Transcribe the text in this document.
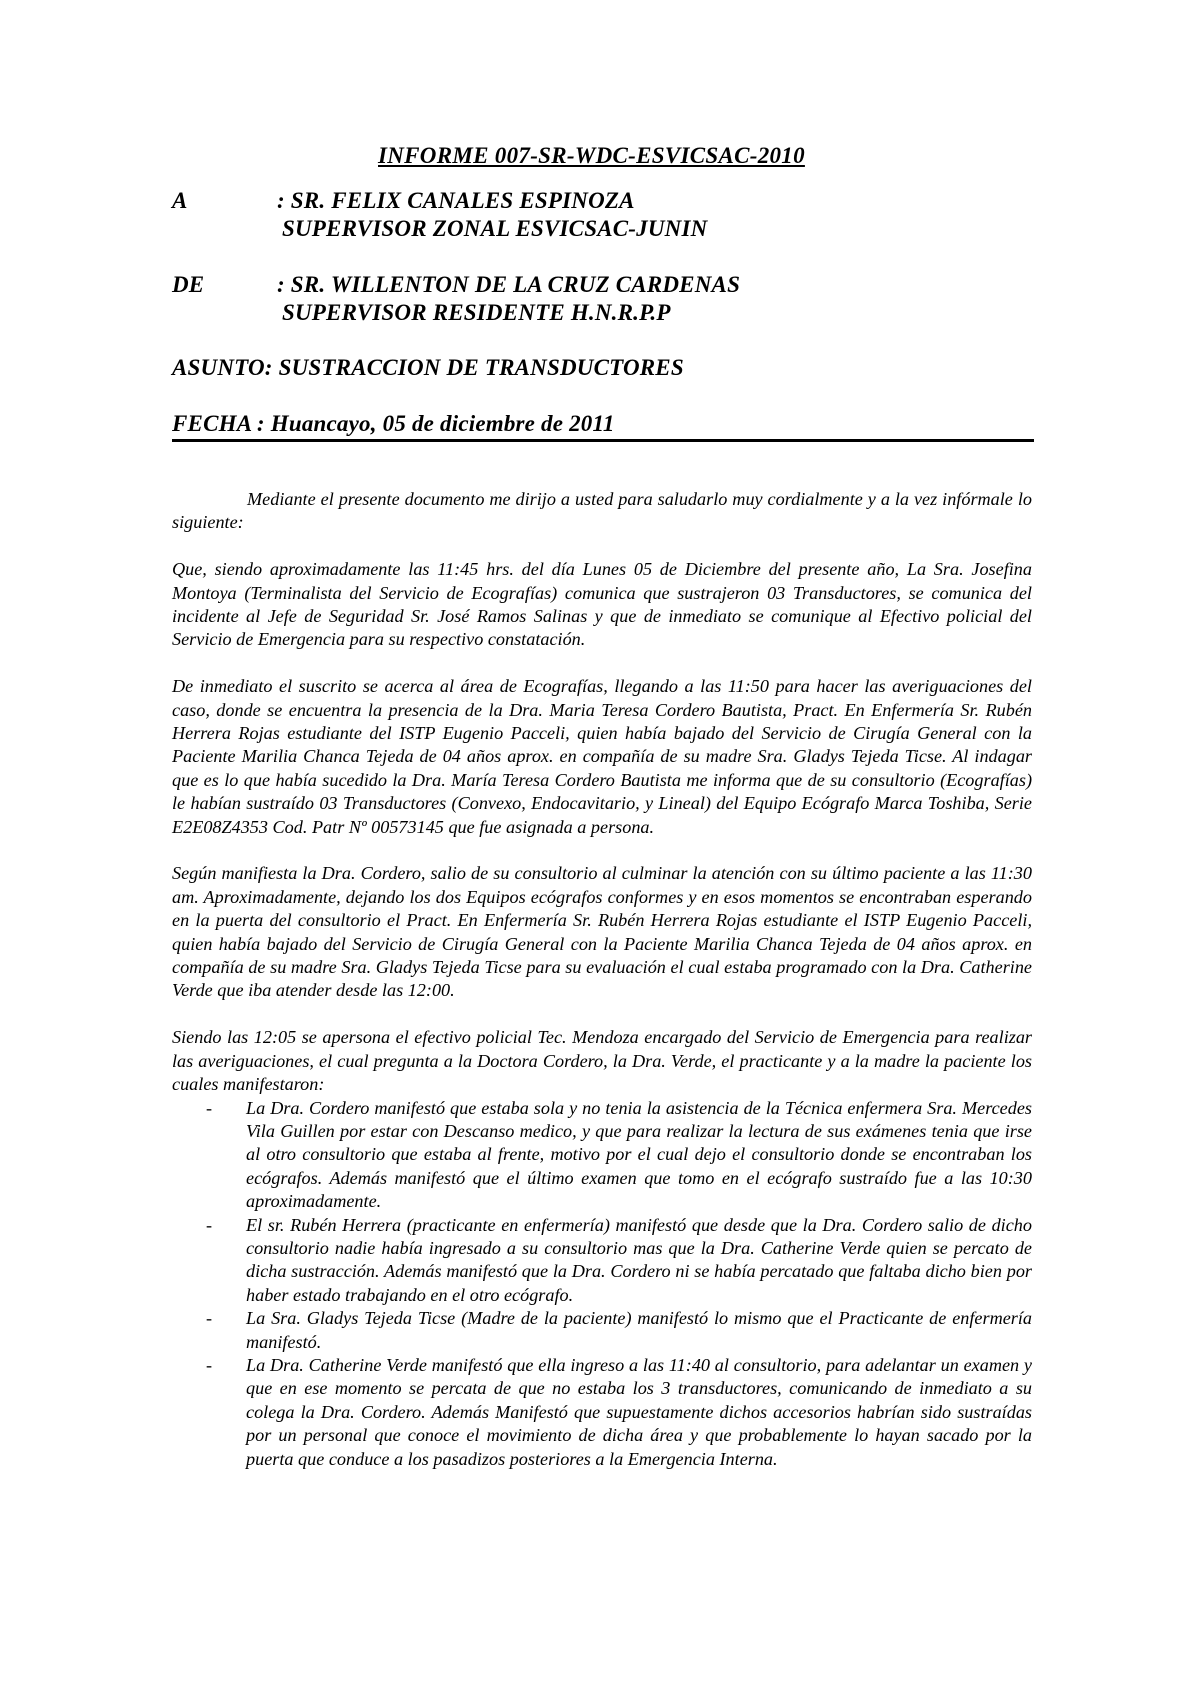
INFORME 007-SR-WDC-ESVICSAC-2010
A	: SR. FELIX CANALES ESPINOZA
SUPERVISOR ZONAL ESVICSAC-JUNIN
DE	: SR. WILLENTON DE LA CRUZ CARDENAS
SUPERVISOR RESIDENTE H.N.R.P.P
ASUNTO: SUSTRACCION DE TRANSDUCTORES
FECHA : Huancayo, 05 de diciembre de 2011

Mediante el presente documento me dirijo a usted para saludarlo muy cordialmente y a la vez infórmale lo siguiente:

Que, siendo aproximadamente las 11:45 hrs. del día Lunes 05 de Diciembre del presente año, La Sra. Josefina Montoya (Terminalista del Servicio de Ecografías) comunica que sustrajeron 03 Transductores, se comunica del incidente al Jefe de Seguridad Sr. José Ramos Salinas y que de inmediato se comunique al Efectivo policial del Servicio de Emergencia para su respectivo constatación.

De inmediato el suscrito se acerca al área de Ecografías, llegando a las 11:50 para hacer las averiguaciones del caso, donde se encuentra la presencia de la Dra. Maria Teresa Cordero Bautista, Pract. En Enfermería Sr. Rubén Herrera Rojas estudiante del ISTP Eugenio Pacceli, quien había bajado del Servicio de Cirugía General con la Paciente Marilia Chanca Tejeda de 04 años aprox. en compañía de su madre Sra. Gladys Tejeda Ticse. Al indagar que es lo que había sucedido la Dra. María Teresa Cordero Bautista me informa que de su consultorio (Ecografías) le habían sustraído 03 Transductores (Convexo, Endocavitario, y Lineal) del Equipo Ecógrafo Marca Toshiba, Serie E2E08Z4353 Cod. Patr Nº 00573145 que fue asignada a persona.

Según manifiesta la Dra. Cordero, salio de su consultorio al culminar la atención con su último paciente a las 11:30 am. Aproximadamente, dejando los dos Equipos ecógrafos conformes y en esos momentos se encontraban esperando en la puerta del consultorio el Pract. En Enfermería Sr. Rubén Herrera Rojas estudiante el ISTP Eugenio Pacceli, quien había bajado del Servicio de Cirugía General con la Paciente Marilia Chanca Tejeda de 04 años aprox. en compañía de su madre Sra. Gladys Tejeda Ticse para su evaluación el cual estaba programado con la Dra. Catherine Verde que iba atender desde las 12:00.

Siendo las 12:05 se apersona el efectivo policial Tec. Mendoza encargado del Servicio de Emergencia para realizar las averiguaciones, el cual pregunta a la Doctora Cordero, la Dra. Verde, el practicante y a la madre la paciente los cuales manifestaron:

- La Dra. Cordero manifestó que estaba sola y no tenia la asistencia de la Técnica enfermera Sra. Mercedes Vila Guillen por estar con Descanso medico, y que para realizar la lectura de sus exámenes tenia que irse al otro consultorio que estaba al frente, motivo por el cual dejo el consultorio donde se encontraban los ecógrafos. Además manifestó que el último examen que tomo en el ecógrafo sustraído fue a las 10:30 aproximadamente.
- El sr. Rubén Herrera (practicante en enfermería) manifestó que desde que la Dra. Cordero salio de dicho consultorio nadie había ingresado a su consultorio mas que la Dra. Catherine Verde quien se percato de dicha sustracción. Además manifestó que la Dra. Cordero ni se había percatado que faltaba dicho bien por haber estado trabajando en el otro ecógrafo.
- La Sra. Gladys Tejeda Ticse (Madre de la paciente) manifestó lo mismo que el Practicante de enfermería manifestó.
- La Dra. Catherine Verde manifestó que ella ingreso a las 11:40 al consultorio, para adelantar un examen y que en ese momento se percata de que no estaba los 3 transductores, comunicando de inmediato a su colega la Dra. Cordero. Además Manifestó que supuestamente dichos accesorios habrían sido sustraídas por un personal que conoce el movimiento de dicha área y que probablemente lo hayan sacado por la puerta que conduce a los pasadizos posteriores a la Emergencia Interna.
